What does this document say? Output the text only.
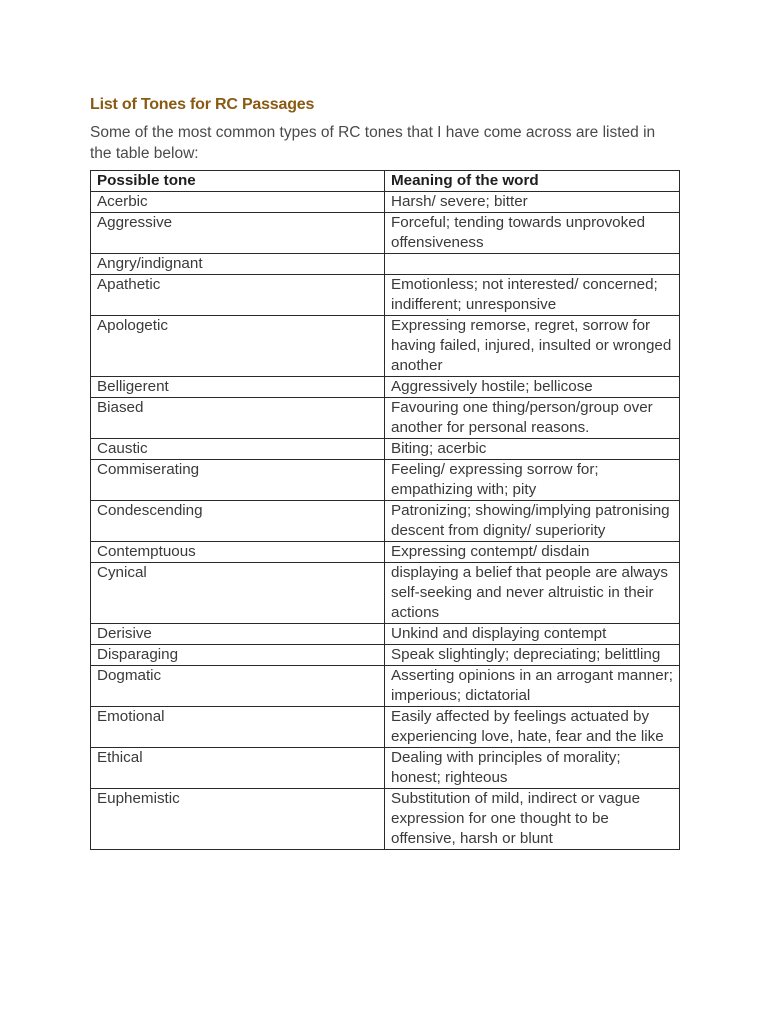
List of Tones for RC Passages
Some of the most common types of RC tones that I have come across are listed in the table below:
Possible tone	Meaning of the word
Acerbic	Harsh/ severe; bitter
Aggressive	Forceful; tending towards unprovoked offensiveness
Angry/indignant	
Apathetic	Emotionless; not interested/ concerned; indifferent; unresponsive
Apologetic	Expressing remorse, regret, sorrow for having failed, injured, insulted or wronged another
Belligerent	Aggressively hostile; bellicose
Biased	Favouring one thing/person/group over another for personal reasons.
Caustic	Biting; acerbic
Commiserating	Feeling/ expressing sorrow for; empathizing with; pity
Condescending	Patronizing; showing/implying patronising descent from dignity/ superiority
Contemptuous	Expressing contempt/ disdain
Cynical	displaying a belief that people are always self-seeking and never altruistic in their actions
Derisive	Unkind and displaying contempt
Disparaging	Speak slightingly; depreciating; belittling
Dogmatic	Asserting opinions in an arrogant manner; imperious; dictatorial
Emotional	Easily affected by feelings actuated by experiencing love, hate, fear and the like
Ethical	Dealing with principles of morality; honest; righteous
Euphemistic	Substitution of mild, indirect or vague expression for one thought to be offensive, harsh or blunt
